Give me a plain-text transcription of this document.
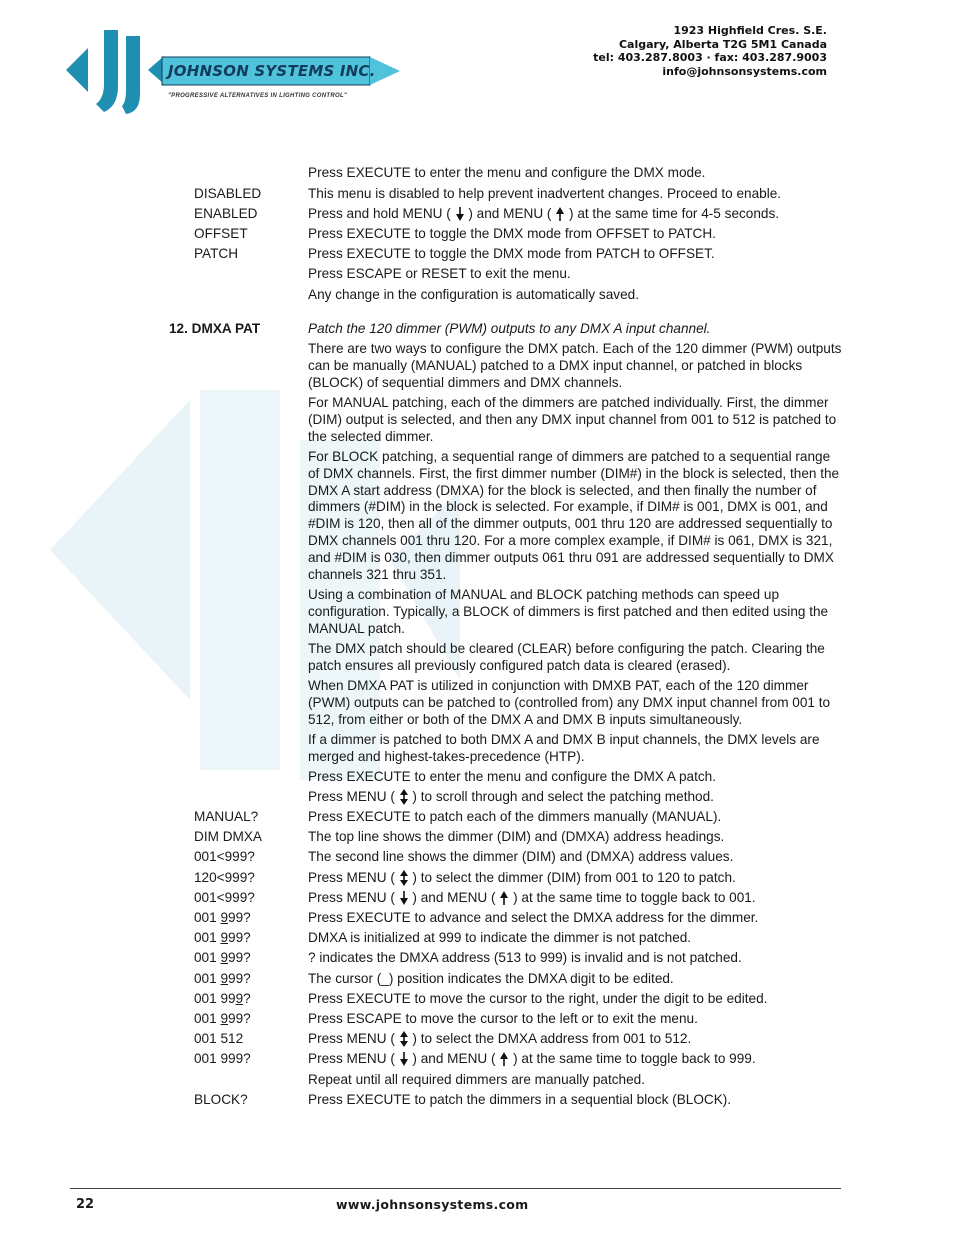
JOHNSON SYSTEMS INC.
"PROGRESSIVE ALTERNATIVES IN LIGHTING CONTROL"
1923 Highfield Cres. S.E.
Calgary, Alberta T2G 5M1 Canada
tel: 403.287.8003 · fax: 403.287.9003
info@johnsonsystems.com
Press EXECUTE to enter the menu and configure the DMX mode.
DISABLED	This menu is disabled to help prevent inadvertent changes. Proceed to enable.
ENABLED	Press and hold MENU ( ) and MENU ( ) at the same time for 4-5 seconds.
OFFSET	Press EXECUTE to toggle the DMX mode from OFFSET to PATCH.
PATCH	Press EXECUTE to toggle the DMX mode from PATCH to OFFSET.
Press ESCAPE or RESET to exit the menu.
Any change in the configuration is automatically saved.
12. DMXA PAT	Patch the 120 dimmer (PWM) outputs to any DMX A input channel.
There are two ways to configure the DMX patch. Each of the 120 dimmer (PWM) outputs can be manually (MANUAL) patched to a DMX input channel, or patched in blocks (BLOCK) of sequential dimmers and DMX channels.
For MANUAL patching, each of the dimmers are patched individually. First, the dimmer (DIM) output is selected, and then any DMX input channel from 001 to 512 is patched to the selected dimmer.
For BLOCK patching, a sequential range of dimmers are patched to a sequential range of DMX channels. First, the first dimmer number (DIM#) in the block is selected, then the DMX A start address (DMXA) for the block is selected, and then finally the number of dimmers (#DIM) in the block is selected. For example, if DIM# is 001, DMX is 001, and #DIM is 120, then all of the dimmer outputs, 001 thru 120 are addressed sequentially to DMX channels 001 thru 120. For a more complex example, if DIM# is 061, DMX is 321, and #DIM is 030, then dimmer outputs 061 thru 091 are addressed sequentially to DMX channels 321 thru 351.
Using a combination of MANUAL and BLOCK patching methods can speed up configuration. Typically, a BLOCK of dimmers is first patched and then edited using the MANUAL patch.
The DMX patch should be cleared (CLEAR) before configuring the patch. Clearing the patch ensures all previously configured patch data is cleared (erased).
When DMXA PAT is utilized in conjunction with DMXB PAT, each of the 120 dimmer (PWM) outputs can be patched to (controlled from) any DMX input channel from 001 to 512, from either or both of the DMX A and DMX B inputs simultaneously.
If a dimmer is patched to both DMX A and DMX B input channels, the DMX levels are merged and highest-takes-precedence (HTP).
Press EXECUTE to enter the menu and configure the DMX A patch.
Press MENU ( ) to scroll through and select the patching method.
MANUAL?	Press EXECUTE to patch each of the dimmers manually (MANUAL).
DIM DMXA	The top line shows the dimmer (DIM) and (DMXA) address headings.
001<999?	The second line shows the dimmer (DIM) and (DMXA) address values.
120<999?	Press MENU ( ) to select the dimmer (DIM) from 001 to 120 to patch.
001<999?	Press MENU ( ) and MENU ( ) at the same time to toggle back to 001.
001 999?	Press EXECUTE to advance and select the DMXA address for the dimmer.
001 999?	DMXA is initialized at 999 to indicate the dimmer is not patched.
001 999?	? indicates the DMXA address (513 to 999) is invalid and is not patched.
001 999?	The cursor (_) position indicates the DMXA digit to be edited.
001 999?	Press EXECUTE to move the cursor to the right, under the digit to be edited.
001 999?	Press ESCAPE to move the cursor to the left or to exit the menu.
001 512	Press MENU ( ) to select the DMXA address from 001 to 512.
001 999?	Press MENU ( ) and MENU ( ) at the same time to toggle back to 999.
Repeat until all required dimmers are manually patched.
BLOCK?	Press EXECUTE to patch the dimmers in a sequential block (BLOCK).
22	www.johnsonsystems.com
